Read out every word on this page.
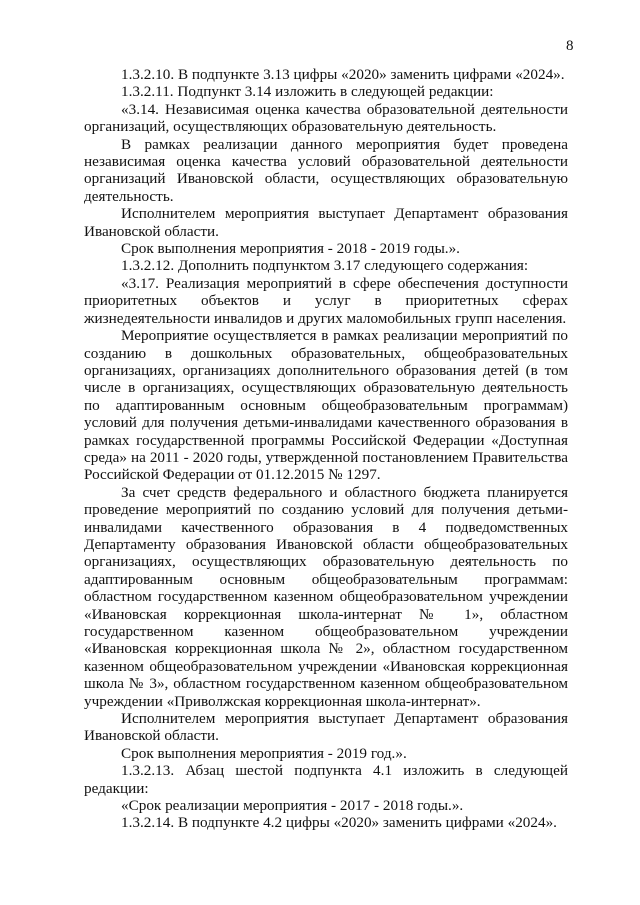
8

1.3.2.10. В подпункте 3.13 цифры «2020» заменить цифрами «2024».

1.3.2.11. Подпункт 3.14 изложить в следующей редакции:

«3.14. Независимая оценка качества образовательной деятельности организаций, осуществляющих образовательную деятельность.

В рамках реализации данного мероприятия будет проведена независимая оценка качества условий образовательной деятельности организаций Ивановской области, осуществляющих образовательную деятельность.

Исполнителем мероприятия выступает Департамент образования Ивановской области.

Срок выполнения мероприятия - 2018 - 2019 годы.».

1.3.2.12. Дополнить подпунктом 3.17 следующего содержания:

«3.17. Реализация мероприятий в сфере обеспечения доступности приоритетных объектов и услуг в приоритетных сферах жизнедеятельности инвалидов и других маломобильных групп населения.

Мероприятие осуществляется в рамках реализации мероприятий по созданию в дошкольных образовательных, общеобразовательных организациях, организациях дополнительного образования детей (в том числе в организациях, осуществляющих образовательную деятельность по адаптированным основным общеобразовательным программам) условий для получения детьми-инвалидами качественного образования в рамках государственной программы Российской Федерации «Доступная среда» на 2011 - 2020 годы, утвержденной постановлением Правительства Российской Федерации от 01.12.2015 № 1297.

За счет средств федерального и областного бюджета планируется проведение мероприятий по созданию условий для получения детьми-инвалидами качественного образования в 4 подведомственных Департаменту образования Ивановской области общеобразовательных организациях, осуществляющих образовательную деятельность по адаптированным основным общеобразовательным программам: областном государственном казенном общеобразовательном учреждении «Ивановская коррекционная школа-интернат № 1», областном государственном казенном общеобразовательном учреждении «Ивановская коррекционная школа № 2», областном государственном казенном общеобразовательном учреждении «Ивановская коррекционная школа № 3», областном государственном казенном общеобразовательном учреждении «Приволжская коррекционная школа-интернат».

Исполнителем мероприятия выступает Департамент образования Ивановской области.

Срок выполнения мероприятия - 2019 год.».

1.3.2.13. Абзац шестой подпункта 4.1 изложить в следующей редакции:

«Срок реализации мероприятия - 2017 - 2018 годы.».

1.3.2.14. В подпункте 4.2 цифры «2020» заменить цифрами «2024».
